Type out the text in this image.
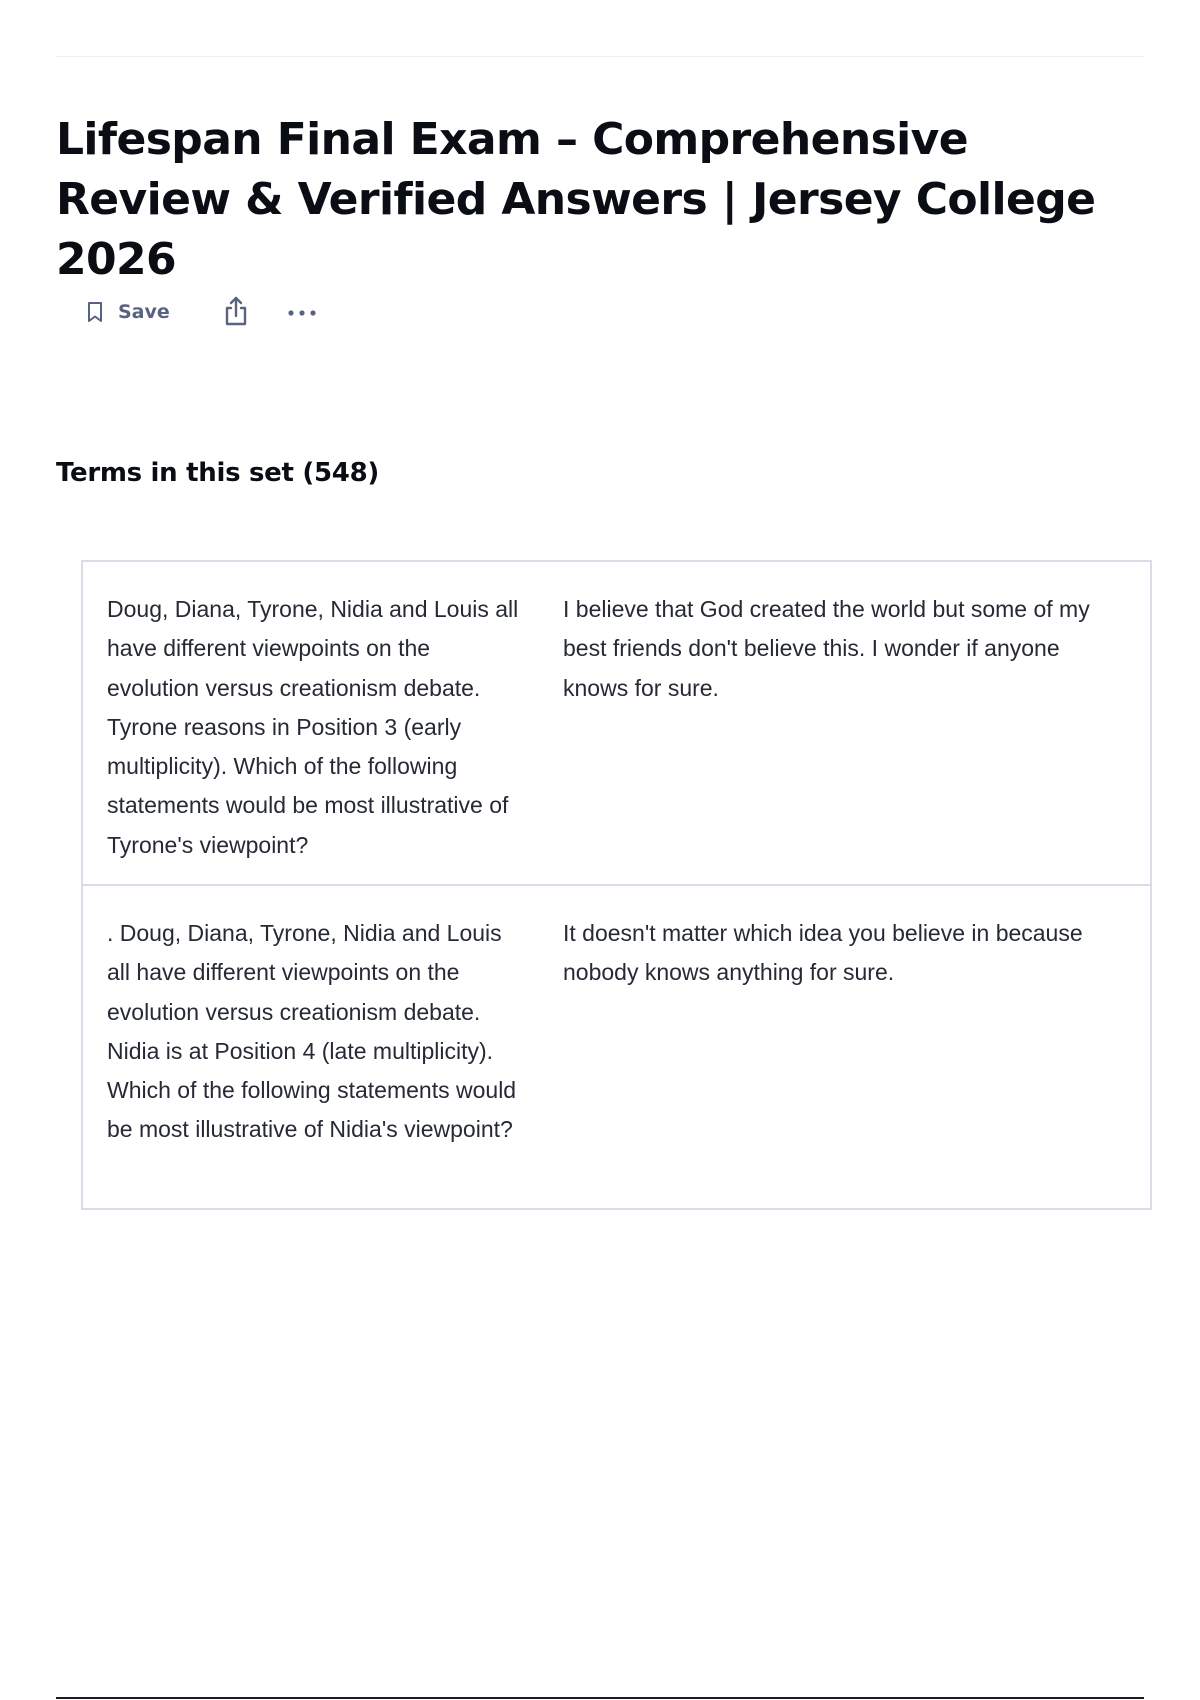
Lifespan Final Exam – Comprehensive Review & Verified Answers | Jersey College 2026
Save
Terms in this set (548)
Doug, Diana, Tyrone, Nidia and Louis all have different viewpoints on the evolution versus creationism debate. Tyrone reasons in Position 3 (early multiplicity). Which of the following statements would be most illustrative of Tyrone's viewpoint?
I believe that God created the world but some of my best friends don't believe this. I wonder if anyone knows for sure.
. Doug, Diana, Tyrone, Nidia and Louis all have different viewpoints on the evolution versus creationism debate. Nidia is at Position 4 (late multiplicity). Which of the following statements would be most illustrative of Nidia's viewpoint?
It doesn't matter which idea you believe in because nobody knows anything for sure.
